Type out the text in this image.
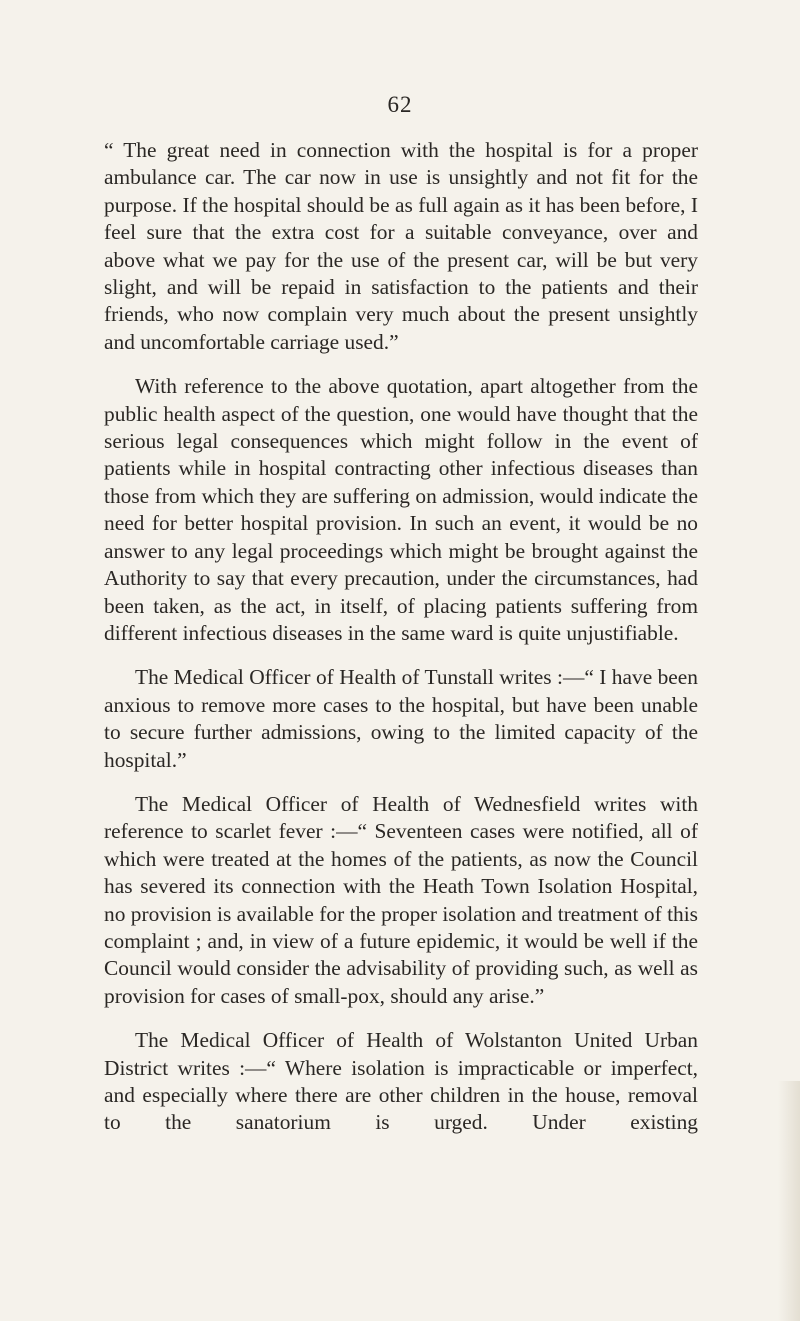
62

“ The great need in connection with the hospital is for a proper ambulance car. The car now in use is unsightly and not fit for the purpose. If the hospital should be as full again as it has been before, I feel sure that the extra cost for a suitable conveyance, over and above what we pay for the use of the present car, will be but very slight, and will be repaid in satisfaction to the patients and their friends, who now complain very much about the present unsightly and uncomfortable carriage used.”

With reference to the above quotation, apart altogether from the public health aspect of the question, one would have thought that the serious legal consequences which might follow in the event of patients while in hospital contracting other infectious diseases than those from which they are suffering on admission, would indicate the need for better hospital provision. In such an event, it would be no answer to any legal proceedings which might be brought against the Authority to say that every precaution, under the circumstances, had been taken, as the act, in itself, of placing patients suffering from different infectious diseases in the same ward is quite unjustifiable.

The Medical Officer of Health of Tunstall writes :—“ I have been anxious to remove more cases to the hospital, but have been unable to secure further admissions, owing to the limited capacity of the hospital.”

The Medical Officer of Health of Wednesfield writes with reference to scarlet fever :—“ Seventeen cases were notified, all of which were treated at the homes of the patients, as now the Council has severed its connection with the Heath Town Isolation Hospital, no provision is available for the proper isolation and treatment of this complaint ; and, in view of a future epidemic, it would be well if the Council would consider the advisability of providing such, as well as provision for cases of small-pox, should any arise.”

The Medical Officer of Health of Wolstanton United Urban District writes :—“ Where isolation is impracticable or imperfect, and especially where there are other children in the house, removal to the sanatorium is urged. Under existing
